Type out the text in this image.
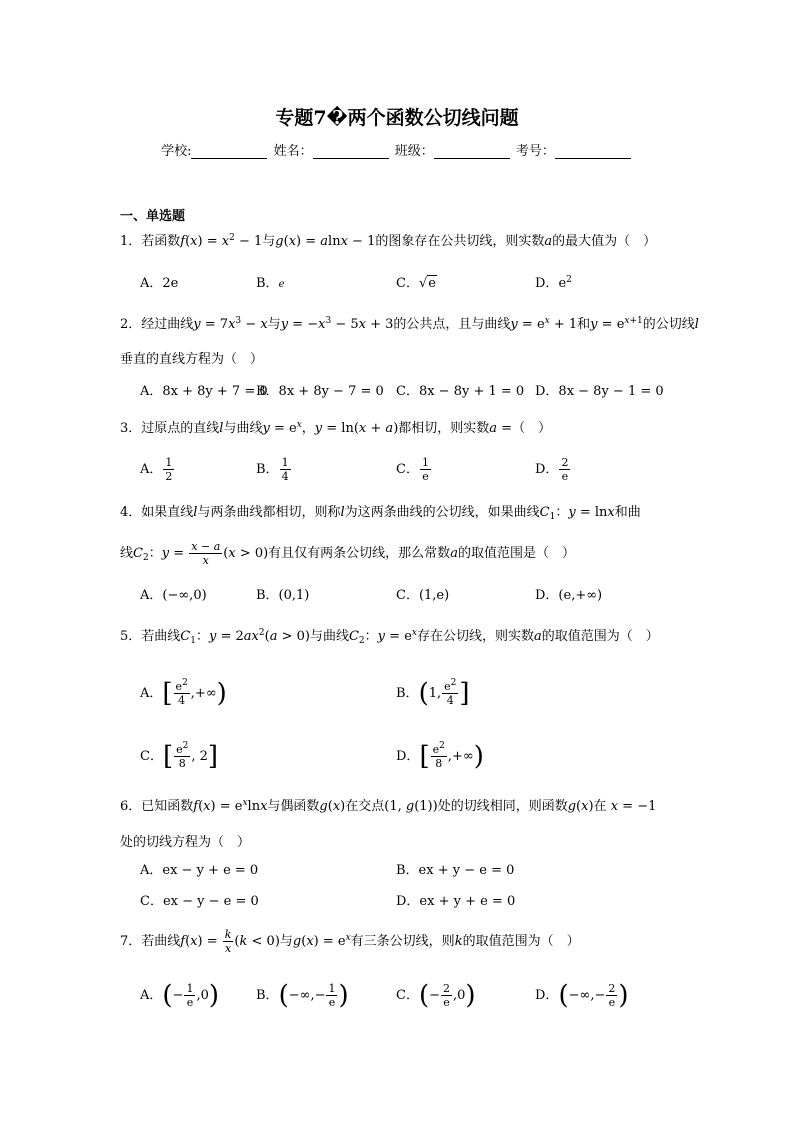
专题7�两个函数公切线问题
学校:	姓名：	班级：	考号：
一、单选题
1．若函数$f(x) = x^2 - 1$与g(x) = alnx − 1的图象存在公共切线，则实数a的最大值为（　）
A．2e	B．e	C．√e	D．$e^2$
2．经过曲线$y = 7x^3 - x$与$y = -x^3 - 5x + 3$的公共点，且与曲线$y = e^x + 1$和$y = e^{x+1}$的公切线l
垂直的直线方程为（　）
A．8x + 8y + 7 = 0
B．8x + 8y − 7 = 0 C．8x − 8y + 1 = 0 D．8x − 8y − 1 = 0
3．过原点的直线l与曲线$y = e^x$，y = ln(x + a)都相切，则实数a =（　）
A． $\frac{1}{2}$	B． $\frac{1}{4}$	C． $\frac{1}{e}$	D． $\frac{2}{e}$
4．如果直线l与两条曲线都相切，则称l为这两条曲线的公切线，如果曲线$C_1$：y = lnx和曲
线$C_2$：$y = \frac{x - a}{x} (x > 0)$有且仅有两条公切线，那么常数a的取值范围是（　）
A．(−∞,0)	B．(0,1)	C．(1,e)	D．(e,+∞)
5．若曲线$C_1$：$y = 2ax^2(a > 0)$与曲线$C_2$：$y = e^x$存在公切线，则实数a的取值范围为（　）
A．[ $\frac{e^2}{4}$ ,+∞)	B．(1, $\frac{e^2}{4}$ ]
C．[ $\frac{e^2}{8}$ , 2]	D．[ $\frac{e^2}{8}$ ,+∞)
6．已知函数$f(x) = e^x\ln x$与偶函数g(x)在交点(1, g(1))处的切线相同，则函数g(x)在 x = −1
处的切线方程为（　）
A．ex − y + e = 0	B．ex + y − e = 0
C．ex − y − e = 0	D．ex + y + e = 0
7．若曲线$f(x) = \frac{k}{x} (k < 0)$与$g(x) = e^x$有三条公切线，则k的取值范围为（　）
A．(− $\frac{1}{e} ,0$)	B．(−∞,− $\frac{1}{e}$ )	C．(− $\frac{2}{e} ,0$)	D．(−∞,− $\frac{2}{e}$ )
